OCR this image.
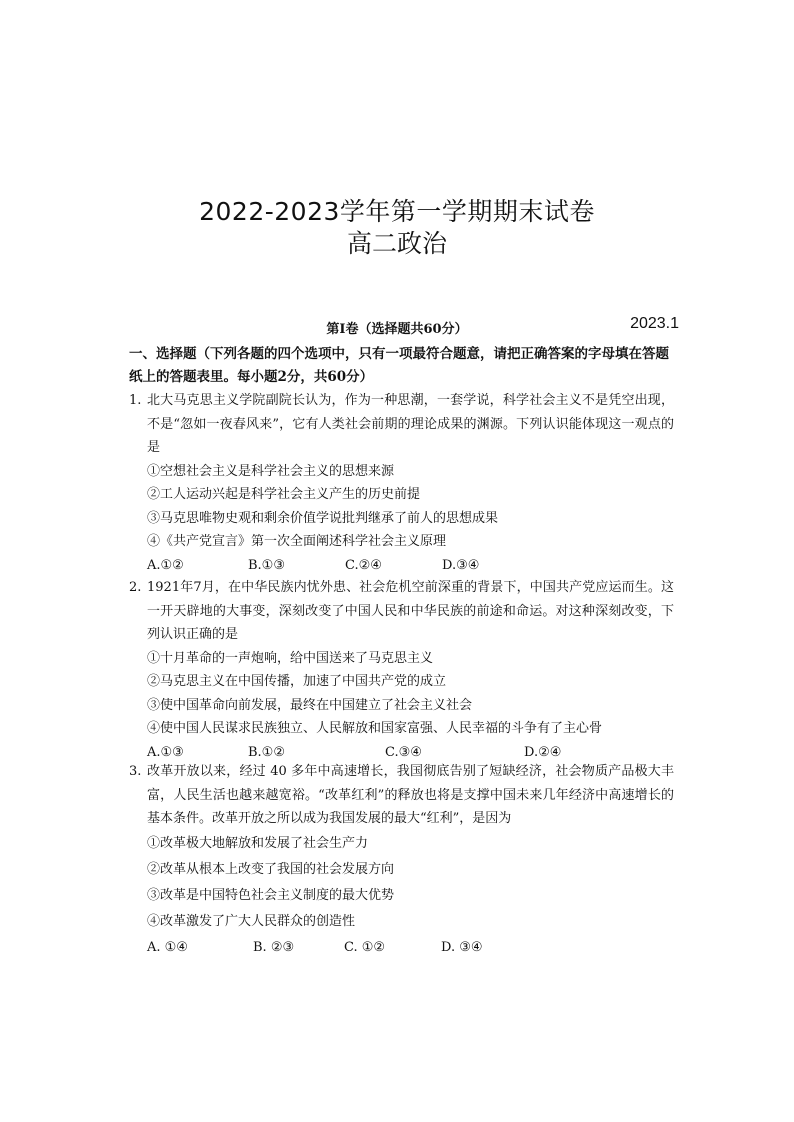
2022-2023学年第一学期期末试卷
高二政治
2023.1
第Ⅰ卷（选择题共60分）
一、选择题（下列各题的四个选项中，只有一项最符合题意，请把正确答案的字母填在答题纸上的答题表里。每小题2分，共60分）
1. 北大马克思主义学院副院长认为，作为一种思潮，一套学说，科学社会主义不是凭空出现，不是“忽如一夜春风来”，它有人类社会前期的理论成果的渊源。下列认识能体现这一观点的是
①空想社会主义是科学社会主义的思想来源
②工人运动兴起是科学社会主义产生的历史前提
③马克思唯物史观和剩余价值学说批判继承了前人的思想成果
④《共产党宣言》第一次全面阐述科学社会主义原理
A.①②	B.①③	C.②④	D.③④
2. 1921年7月，在中华民族内忧外患、社会危机空前深重的背景下，中国共产党应运而生。这一开天辟地的大事变，深刻改变了中国人民和中华民族的前途和命运。对这种深刻改变，下列认识正确的是
①十月革命的一声炮响，给中国送来了马克思主义
②马克思主义在中国传播，加速了中国共产党的成立
③使中国革命向前发展，最终在中国建立了社会主义社会
④使中国人民谋求民族独立、人民解放和国家富强、人民幸福的斗争有了主心骨
A.①③	B.①②	C.③④	D.②④
3. 改革开放以来，经过 40 多年中高速增长，我国彻底告别了短缺经济，社会物质产品极大丰富，人民生活也越来越宽裕。“改革红利”的释放也将是支撑中国未来几年经济中高速增长的基本条件。改革开放之所以成为我国发展的最大“红利”，是因为
①改革极大地解放和发展了社会生产力
②改革从根本上改变了我国的社会发展方向
③改革是中国特色社会主义制度的最大优势
④改革激发了广大人民群众的创造性
A. ①④	B. ②③	C. ①②	D. ③④
